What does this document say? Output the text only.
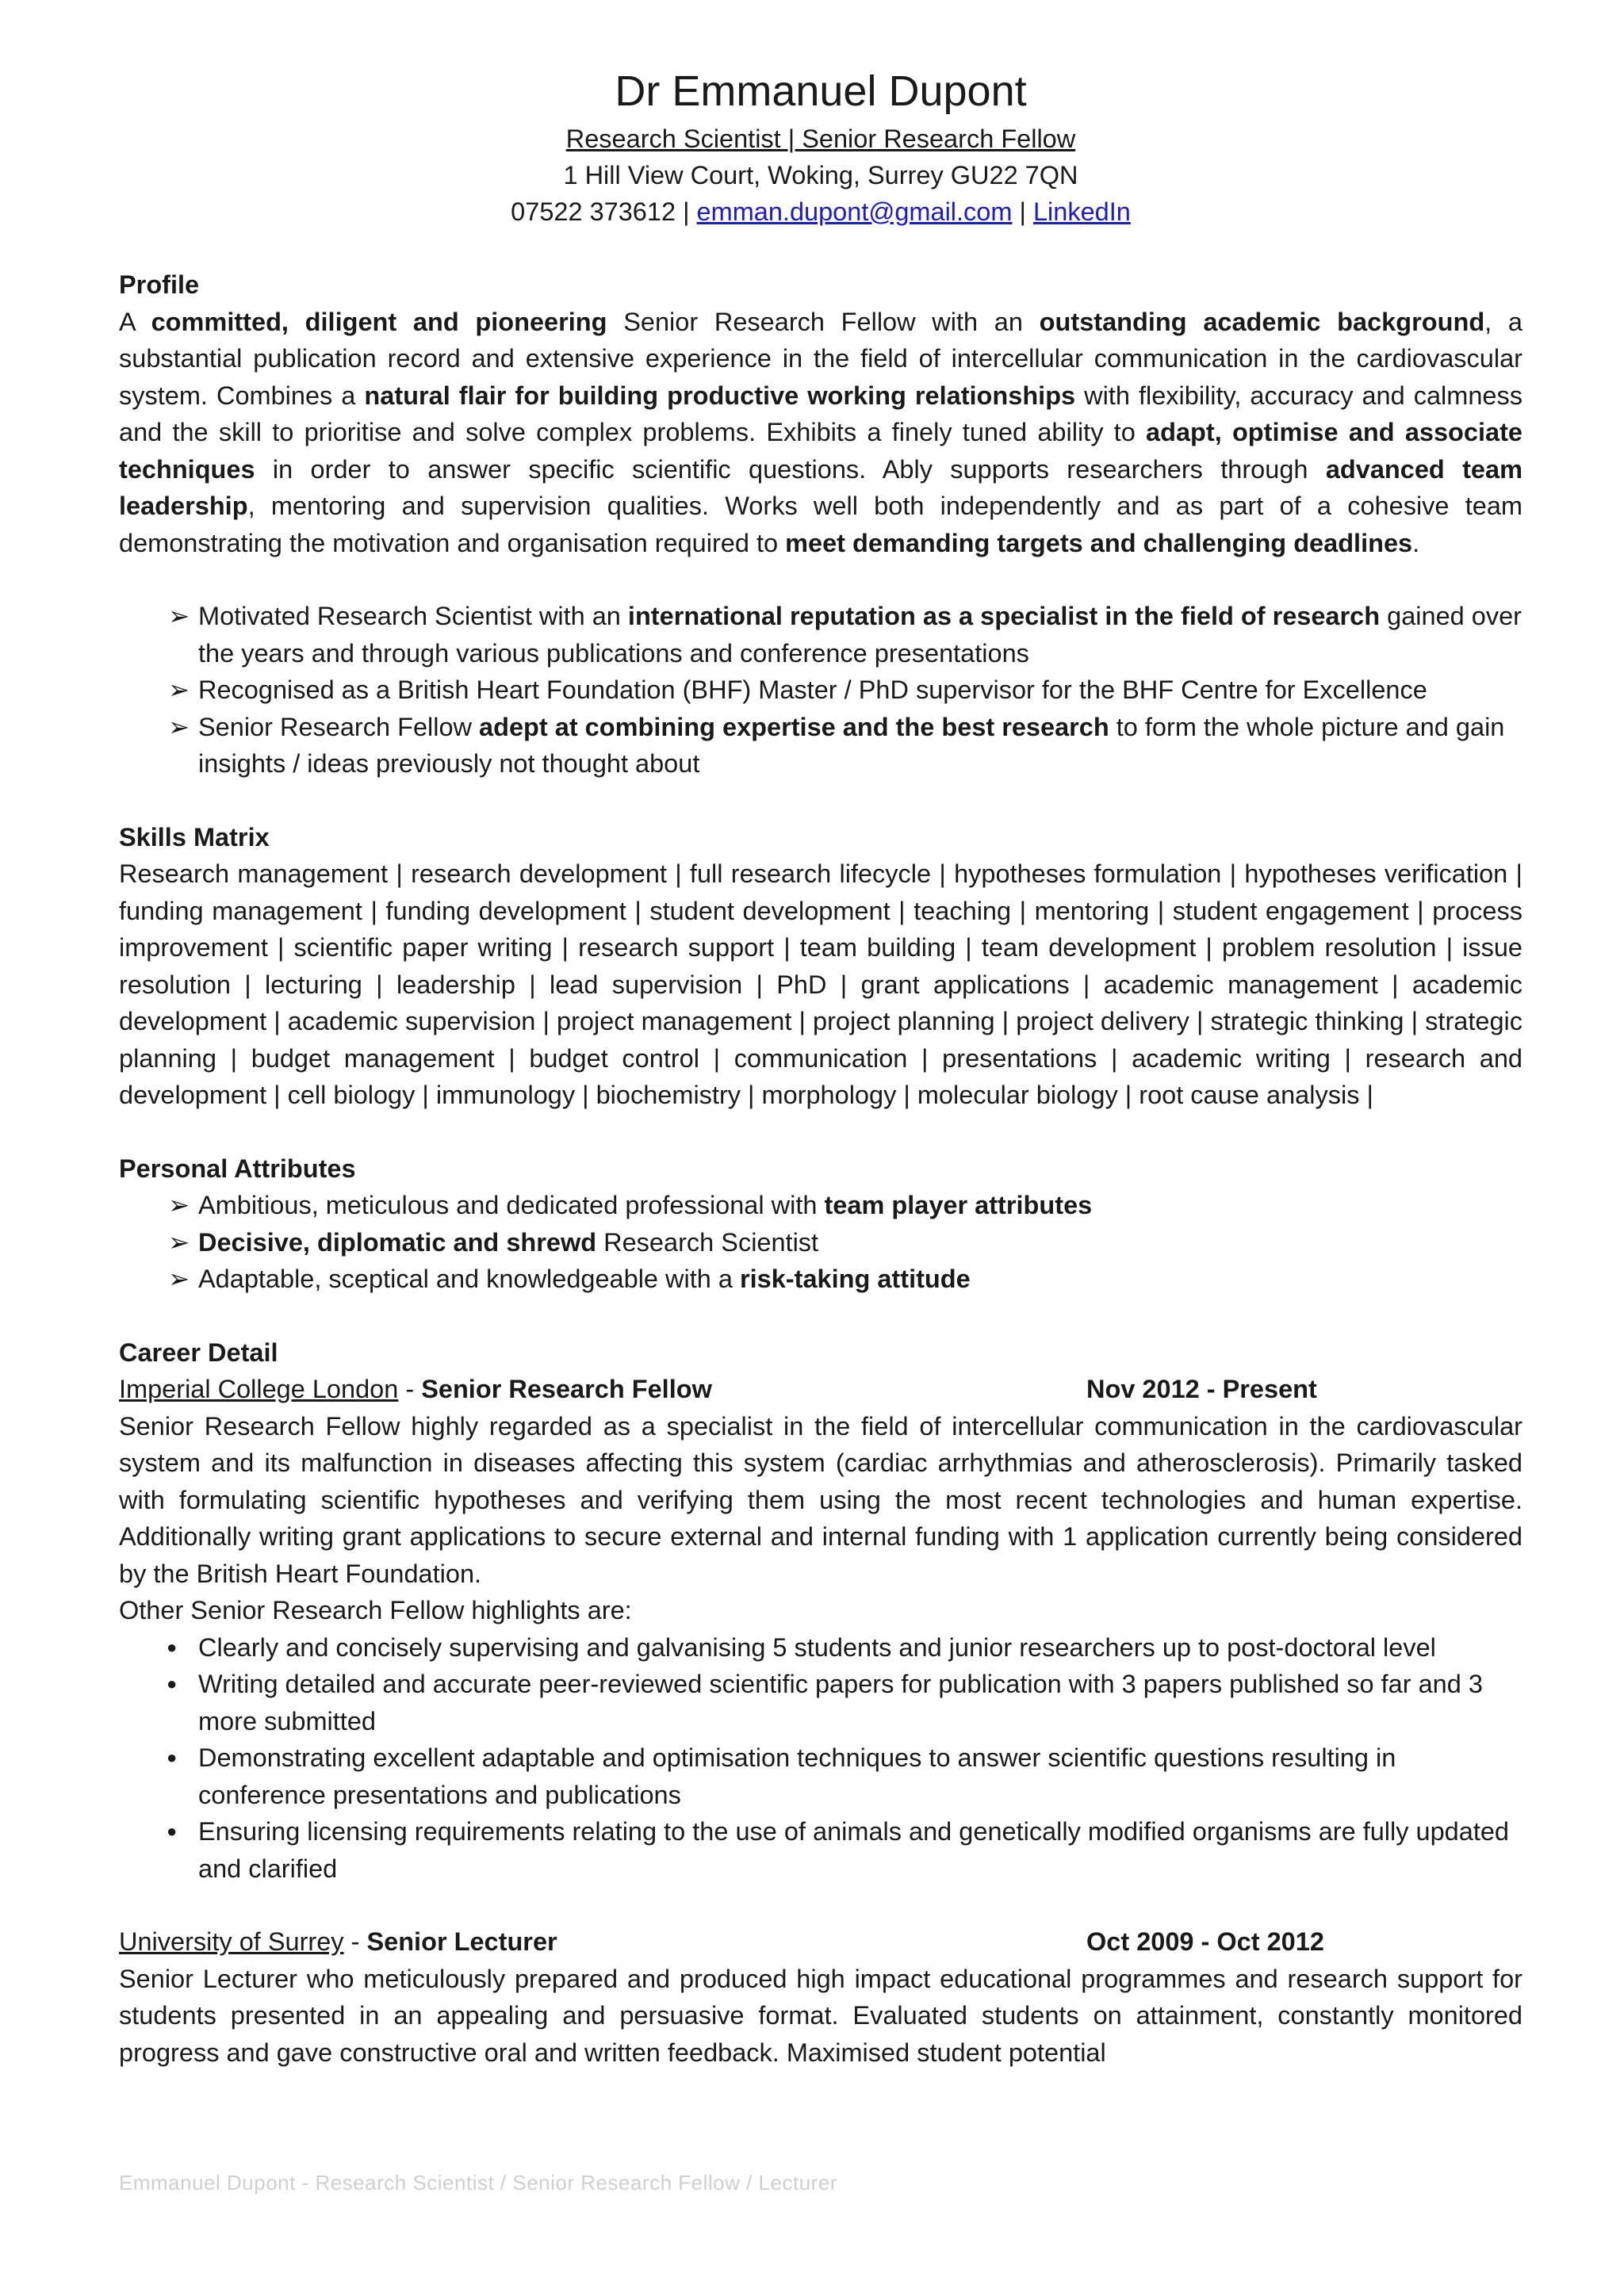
Dr Emmanuel Dupont
Research Scientist | Senior Research Fellow
1 Hill View Court, Woking, Surrey GU22 7QN
07522 373612 | emman.dupont@gmail.com | LinkedIn
Profile

A committed, diligent and pioneering Senior Research Fellow with an outstanding academic background, a substantial publication record and extensive experience in the field of intercellular communication in the cardiovascular system. Combines a natural flair for building productive working relationships with flexibility, accuracy and calmness and the skill to prioritise and solve complex problems. Exhibits a finely tuned ability to adapt, optimise and associate techniques in order to answer specific scientific questions. Ably supports researchers through advanced team leadership, mentoring and supervision qualities. Works well both independently and as part of a cohesive team demonstrating the motivation and organisation required to meet demanding targets and challenging deadlines.

➢ Motivated Research Scientist with an international reputation as a specialist in the field of research gained over the years and through various publications and conference presentations
➢ Recognised as a British Heart Foundation (BHF) Master / PhD supervisor for the BHF Centre for Excellence
➢ Senior Research Fellow adept at combining expertise and the best research to form the whole picture and gain insights / ideas previously not thought about
Skills Matrix

Research management | research development | full research lifecycle | hypotheses formulation | hypotheses verification | funding management | funding development | student development | teaching | mentoring | student engagement | process improvement | scientific paper writing | research support | team building | team development | problem resolution | issue resolution | lecturing | leadership | lead supervision | PhD | grant applications | academic management | academic development | academic supervision | project management | project planning | project delivery | strategic thinking | strategic planning | budget management | budget control | communication | presentations | academic writing | research and development | cell biology | immunology | biochemistry | morphology | molecular biology | root cause analysis |

Personal Attributes
➢ Ambitious, meticulous and dedicated professional with team player attributes
➢ Decisive, diplomatic and shrewd Research Scientist
➢ Adaptable, sceptical and knowledgeable with a risk-taking attitude
Career Detail
Imperial College London - Senior Research Fellow	Nov 2012 - Present

Senior Research Fellow highly regarded as a specialist in the field of intercellular communication in the cardiovascular system and its malfunction in diseases affecting this system (cardiac arrhythmias and atherosclerosis). Primarily tasked with formulating scientific hypotheses and verifying them using the most recent technologies and human expertise. Additionally writing grant applications to secure external and internal funding with 1 application currently being considered by the British Heart Foundation.

Other Senior Research Fellow highlights are:

● Clearly and concisely supervising and galvanising 5 students and junior researchers up to post-doctoral level
● Writing detailed and accurate peer-reviewed scientific papers for publication with 3 papers published so far and 3 more submitted
● Demonstrating excellent adaptable and optimisation techniques to answer scientific questions resulting in conference presentations and publications
● Ensuring licensing requirements relating to the use of animals and genetically modified organisms are fully updated and clarified
University of Surrey - Senior Lecturer	Oct 2009 - Oct 2012

Senior Lecturer who meticulously prepared and produced high impact educational programmes and research support for students presented in an appealing and persuasive format. Evaluated students on attainment, constantly monitored progress and gave constructive oral and written feedback. Maximised student potential

Emmanuel Dupont - Research Scientist / Senior Research Fellow / Lecturer
